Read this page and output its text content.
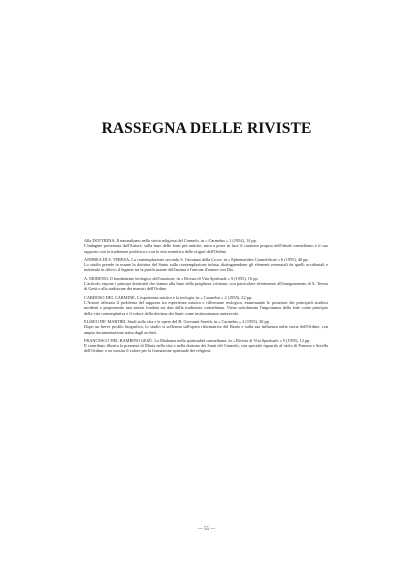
RASSEGNA DELLE RIVISTE
Alla DOTTRINA, Il naturalismo nella storia religiosa del Carmelo, in « Carmelus » 1 (1954), 14 pp.
L'indagine presentata dall'Autore, sulla base delle fonti più antiche, mira a porre in luce il carattere proprio dell'ideale carmelitano e il suo rapporto con la tradizione profetica e con la vita eremitica delle origini dell'Ordine.
ANDREA DI S. TERESA, La contemplazione secondo S. Giovanni della Croce, in « Ephemerides Carmeliticae » 6 (1955), 40 pp.
Lo studio prende in esame la dottrina del Santo sulla contemplazione infusa, distinguendone gli elementi essenziali da quelli accidentali e mettendo in rilievo il legame tra la purificazione dell'anima e l'unione d'amore con Dio.
A. MORENO, Il fondamento teologico dell'orazione, in « Rivista di Vita Spirituale » 9 (1955), 16 pp.
L'articolo espone i principi dottrinali che stanno alla base della preghiera cristiana, con particolare riferimento all'insegnamento di S. Teresa di Gesù e alla tradizione dei maestri dell'Ordine.
CARDOSO DEL CARMINE, L'esperienza mistica e la teologia, in « Carmelus » 2 (1955), 22 pp.
L'Autore affronta il problema del rapporto tra esperienza mistica e riflessione teologica, esaminando le posizioni dei principali studiosi moderni e proponendo una sintesi fondata sui dati della tradizione carmelitana. Viene sottolineata l'importanza della fede come principio della vita contemplativa e il valore della dottrina dei Santi come testimonianza autorevole.
ELISEO DE' MARTIRI, Studi sulla vita e le opere del B. Giovanni Soreth, in « Carmelus » 2 (1955), 30 pp.
Dopo un breve profilo biografico, lo studio si sofferma sull'opera riformatrice del Beato e sulla sua influenza nella storia dell'Ordine, con ampia documentazione tratta dagli archivi.
FRANCESCO DEL BAMBINO GESÙ, La Madonna nella spiritualità carmelitana, in « Rivista di Vita Spirituale » 9 (1955), 12 pp.
Il contributo illustra la presenza di Maria nella vita e nella dottrina dei Santi del Carmelo, con speciale riguardo al titolo di Patrona e Sorella dell'Ordine, e ne mostra il valore per la formazione spirituale dei religiosi.
— 55 —
